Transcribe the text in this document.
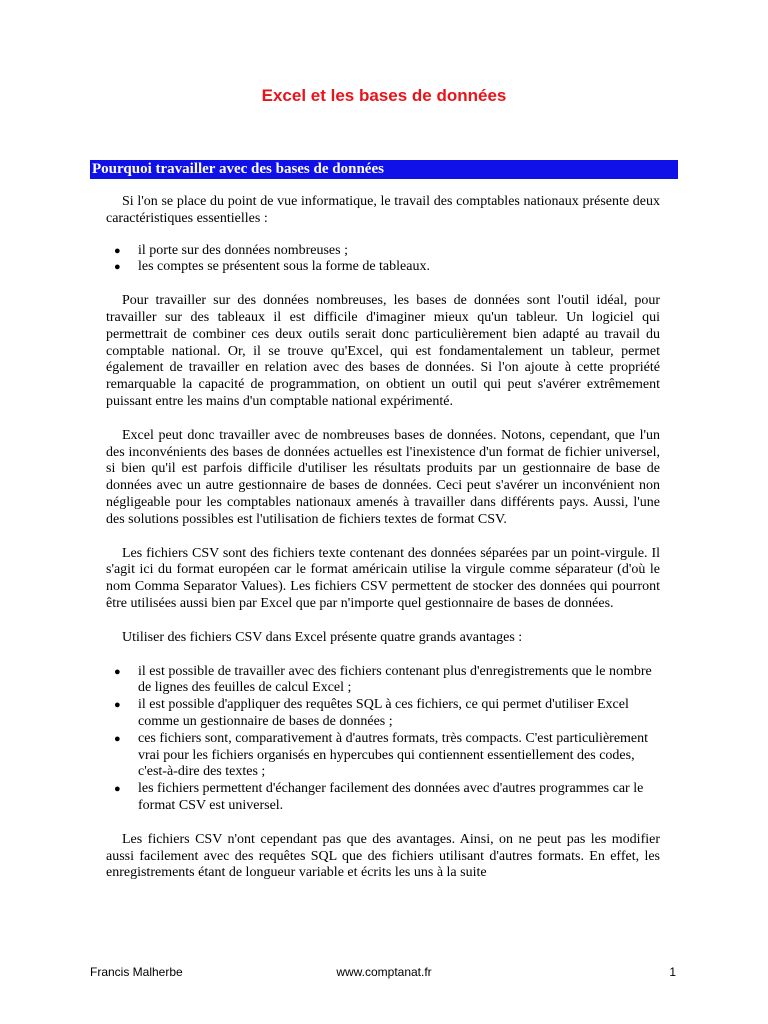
Excel et les bases de données
Pourquoi travailler avec des bases de données

Si l'on se place du point de vue informatique, le travail des comptables nationaux présente deux caractéristiques essentielles :

● il porte sur des données nombreuses ;
● les comptes se présentent sous la forme de tableaux.

Pour travailler sur des données nombreuses, les bases de données sont l'outil idéal, pour travailler sur des tableaux il est difficile d'imaginer mieux qu'un tableur. Un logiciel qui permettrait de combiner ces deux outils serait donc particulièrement bien adapté au travail du comptable national. Or, il se trouve qu'Excel, qui est fondamentalement un tableur, permet également de travailler en relation avec des bases de données. Si l'on ajoute à cette propriété remarquable la capacité de programmation, on obtient un outil qui peut s'avérer extrêmement puissant entre les mains d'un comptable national expérimenté.

Excel peut donc travailler avec de nombreuses bases de données. Notons, cependant, que l'un des inconvénients des bases de données actuelles est l'inexistence d'un format de fichier universel, si bien qu'il est parfois difficile d'utiliser les résultats produits par un gestionnaire de base de données avec un autre gestionnaire de bases de données. Ceci peut s'avérer un inconvénient non négligeable pour les comptables nationaux amenés à travailler dans différents pays. Aussi, l'une des solutions possibles est l'utilisation de fichiers textes de format CSV.

Les fichiers CSV sont des fichiers texte contenant des données séparées par un point-virgule. Il s'agit ici du format européen car le format américain utilise la virgule comme séparateur (d'où le nom Comma Separator Values). Les fichiers CSV permettent de stocker des données qui pourront être utilisées aussi bien par Excel que par n'importe quel gestionnaire de bases de données.

Utiliser des fichiers CSV dans Excel présente quatre grands avantages :

● il est possible de travailler avec des fichiers contenant plus d'enregistrements que le nombre de lignes des feuilles de calcul Excel ;
● il est possible d'appliquer des requêtes SQL à ces fichiers, ce qui permet d'utiliser Excel comme un gestionnaire de bases de données ;
● ces fichiers sont, comparativement à d'autres formats, très compacts. C'est particulièrement vrai pour les fichiers organisés en hypercubes qui contiennent essentiellement des codes, c'est-à-dire des textes ;
● les fichiers permettent d'échanger facilement des données avec d'autres programmes car le format CSV est universel.

Les fichiers CSV n'ont cependant pas que des avantages. Ainsi, on ne peut pas les modifier aussi facilement avec des requêtes SQL que des fichiers utilisant d'autres formats. En effet, les enregistrements étant de longueur variable et écrits les uns à la suite

Francis Malherbe	www.comptanat.fr	1
